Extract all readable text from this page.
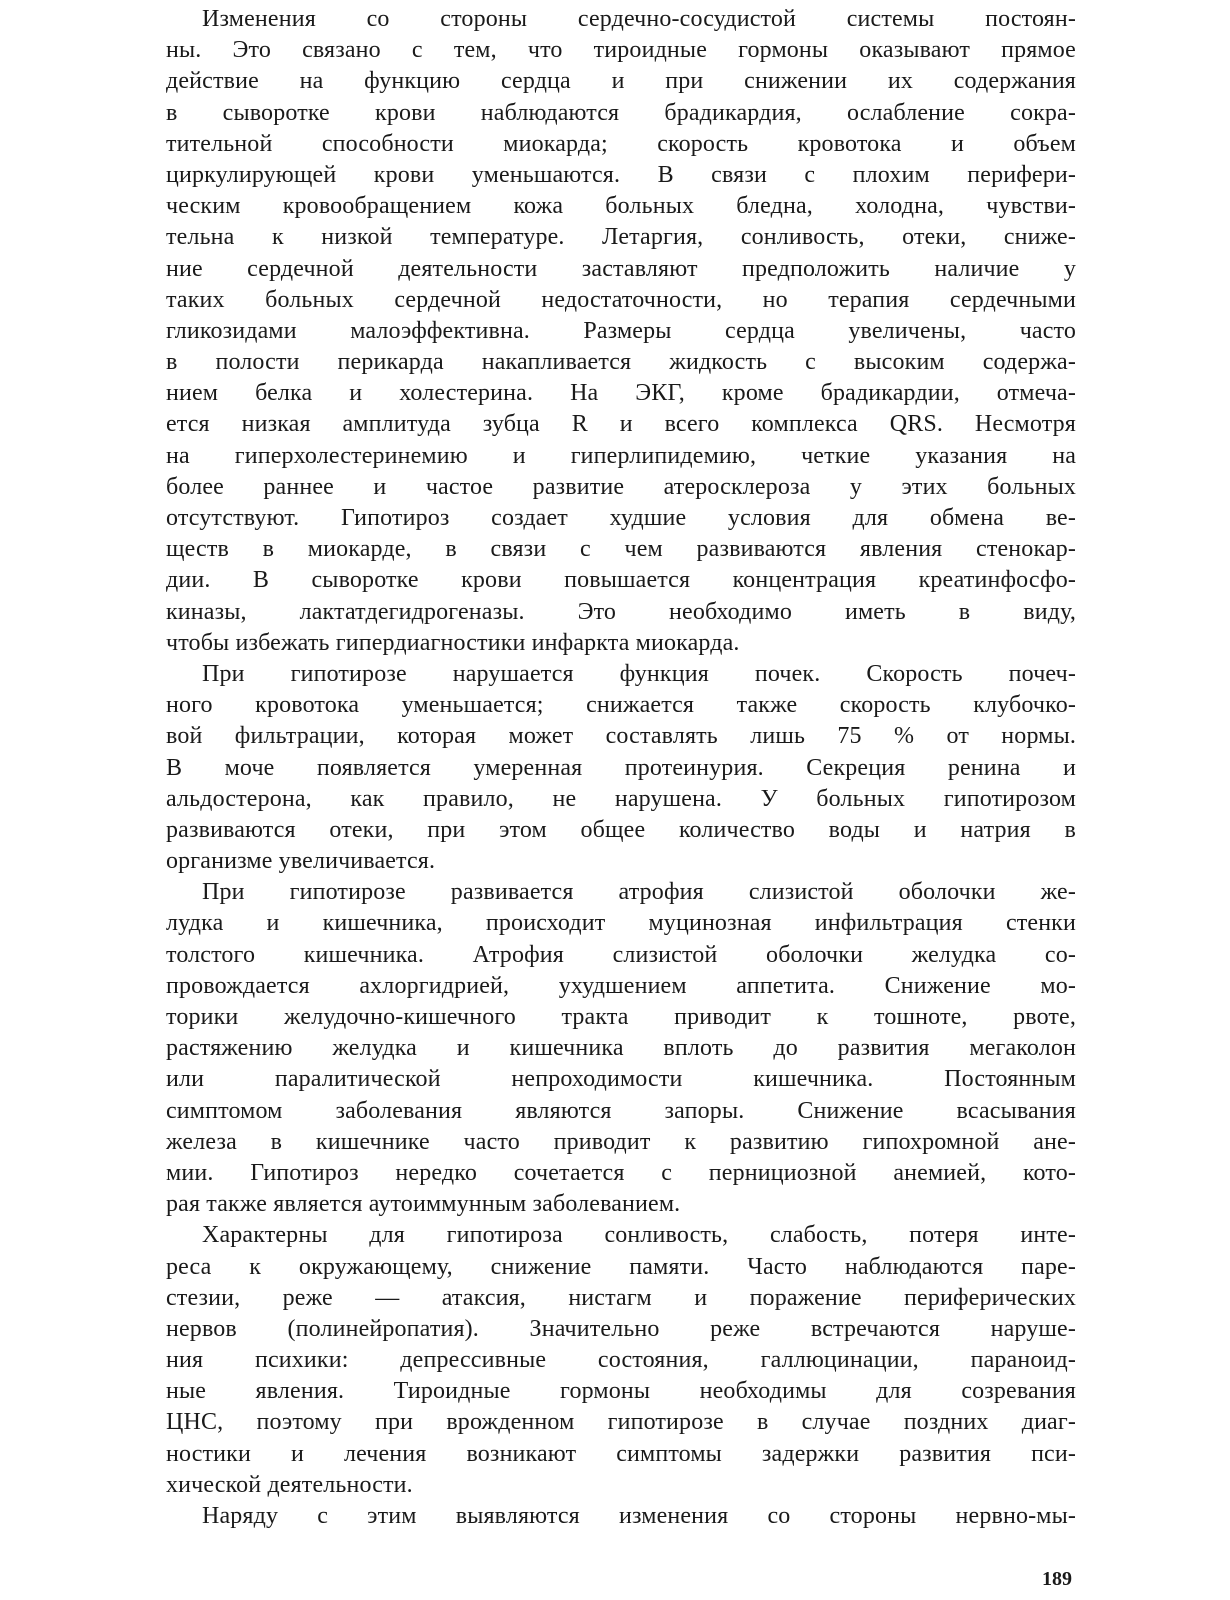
Изменения со стороны сердечно-сосудистой системы постоян-
ны. Это связано с тем, что тироидные гормоны оказывают прямое
действие на функцию сердца и при снижении их содержания
в сыворотке крови наблюдаются брадикардия, ослабление сокра-
тительной способности миокарда; скорость кровотока и объем
циркулирующей крови уменьшаются. В связи с плохим перифери-
ческим кровообращением кожа больных бледна, холодна, чувстви-
тельна к низкой температуре. Летаргия, сонливость, отеки, сниже-
ние сердечной деятельности заставляют предположить наличие у
таких больных сердечной недостаточности, но терапия сердечными
гликозидами малоэффективна. Размеры сердца увеличены, часто
в полости перикарда накапливается жидкость с высоким содержа-
нием белка и холестерина. На ЭКГ, кроме брадикардии, отмеча-
ется низкая амплитуда зубца R и всего комплекса QRS. Несмотря
на гиперхолестеринемию и гиперлипидемию, четкие указания на
более раннее и частое развитие атеросклероза у этих больных
отсутствуют. Гипотироз создает худшие условия для обмена ве-
ществ в миокарде, в связи с чем развиваются явления стенокар-
дии. В сыворотке крови повышается концентрация креатинфосфо-
киназы, лактатдегидрогеназы. Это необходимо иметь в виду,
чтобы избежать гипердиагностики инфаркта миокарда.
При гипотирозе нарушается функция почек. Скорость почеч-
ного кровотока уменьшается; снижается также скорость клубочко-
вой фильтрации, которая может составлять лишь 75 % от нормы.
В моче появляется умеренная протеинурия. Секреция ренина и
альдостерона, как правило, не нарушена. У больных гипотирозом
развиваются отеки, при этом общее количество воды и натрия в
организме увеличивается.
При гипотирозе развивается атрофия слизистой оболочки же-
лудка и кишечника, происходит муцинозная инфильтрация стенки
толстого кишечника. Атрофия слизистой оболочки желудка со-
провождается ахлоргидрией, ухудшением аппетита. Снижение мо-
торики желудочно-кишечного тракта приводит к тошноте, рвоте,
растяжению желудка и кишечника вплоть до развития мегаколон
или паралитической непроходимости кишечника. Постоянным
симптомом заболевания являются запоры. Снижение всасывания
железа в кишечнике часто приводит к развитию гипохромной ане-
мии. Гипотироз нередко сочетается с пернициозной анемией, кото-
рая также является аутоиммунным заболеванием.
Характерны для гипотироза сонливость, слабость, потеря инте-
реса к окружающему, снижение памяти. Часто наблюдаются паре-
стезии, реже — атаксия, нистагм и поражение периферических
нервов (полинейропатия). Значительно реже встречаются наруше-
ния психики: депрессивные состояния, галлюцинации, параноид-
ные явления. Тироидные гормоны необходимы для созревания
ЦНС, поэтому при врожденном гипотирозе в случае поздних диаг-
ностики и лечения возникают симптомы задержки развития пси-
хической деятельности.
Наряду с этим выявляются изменения со стороны нервно-мы-
189
